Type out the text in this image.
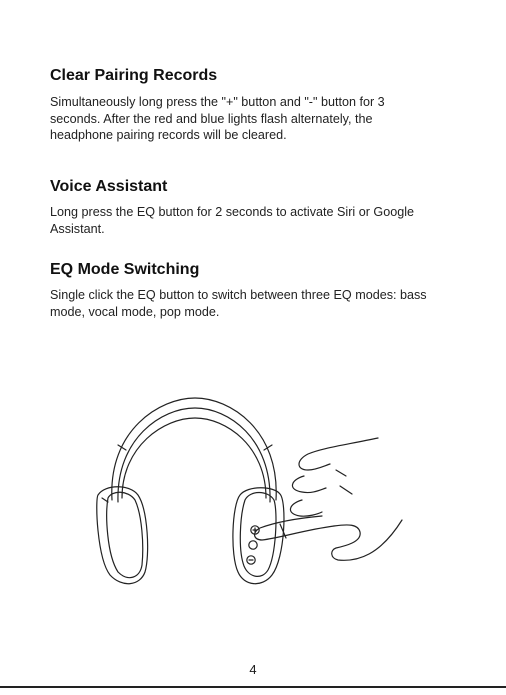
Clear Pairing Records

Simultaneously long press the "+" button and "-" button for 3
seconds. After the red and blue lights flash alternately, the
headphone pairing records will be cleared.

Voice Assistant

Long press the EQ button for 2 seconds to activate Siri or Google
Assistant.

EQ Mode Switching

Single click the EQ button to switch between three EQ modes: bass
mode, vocal mode, pop mode.

4
